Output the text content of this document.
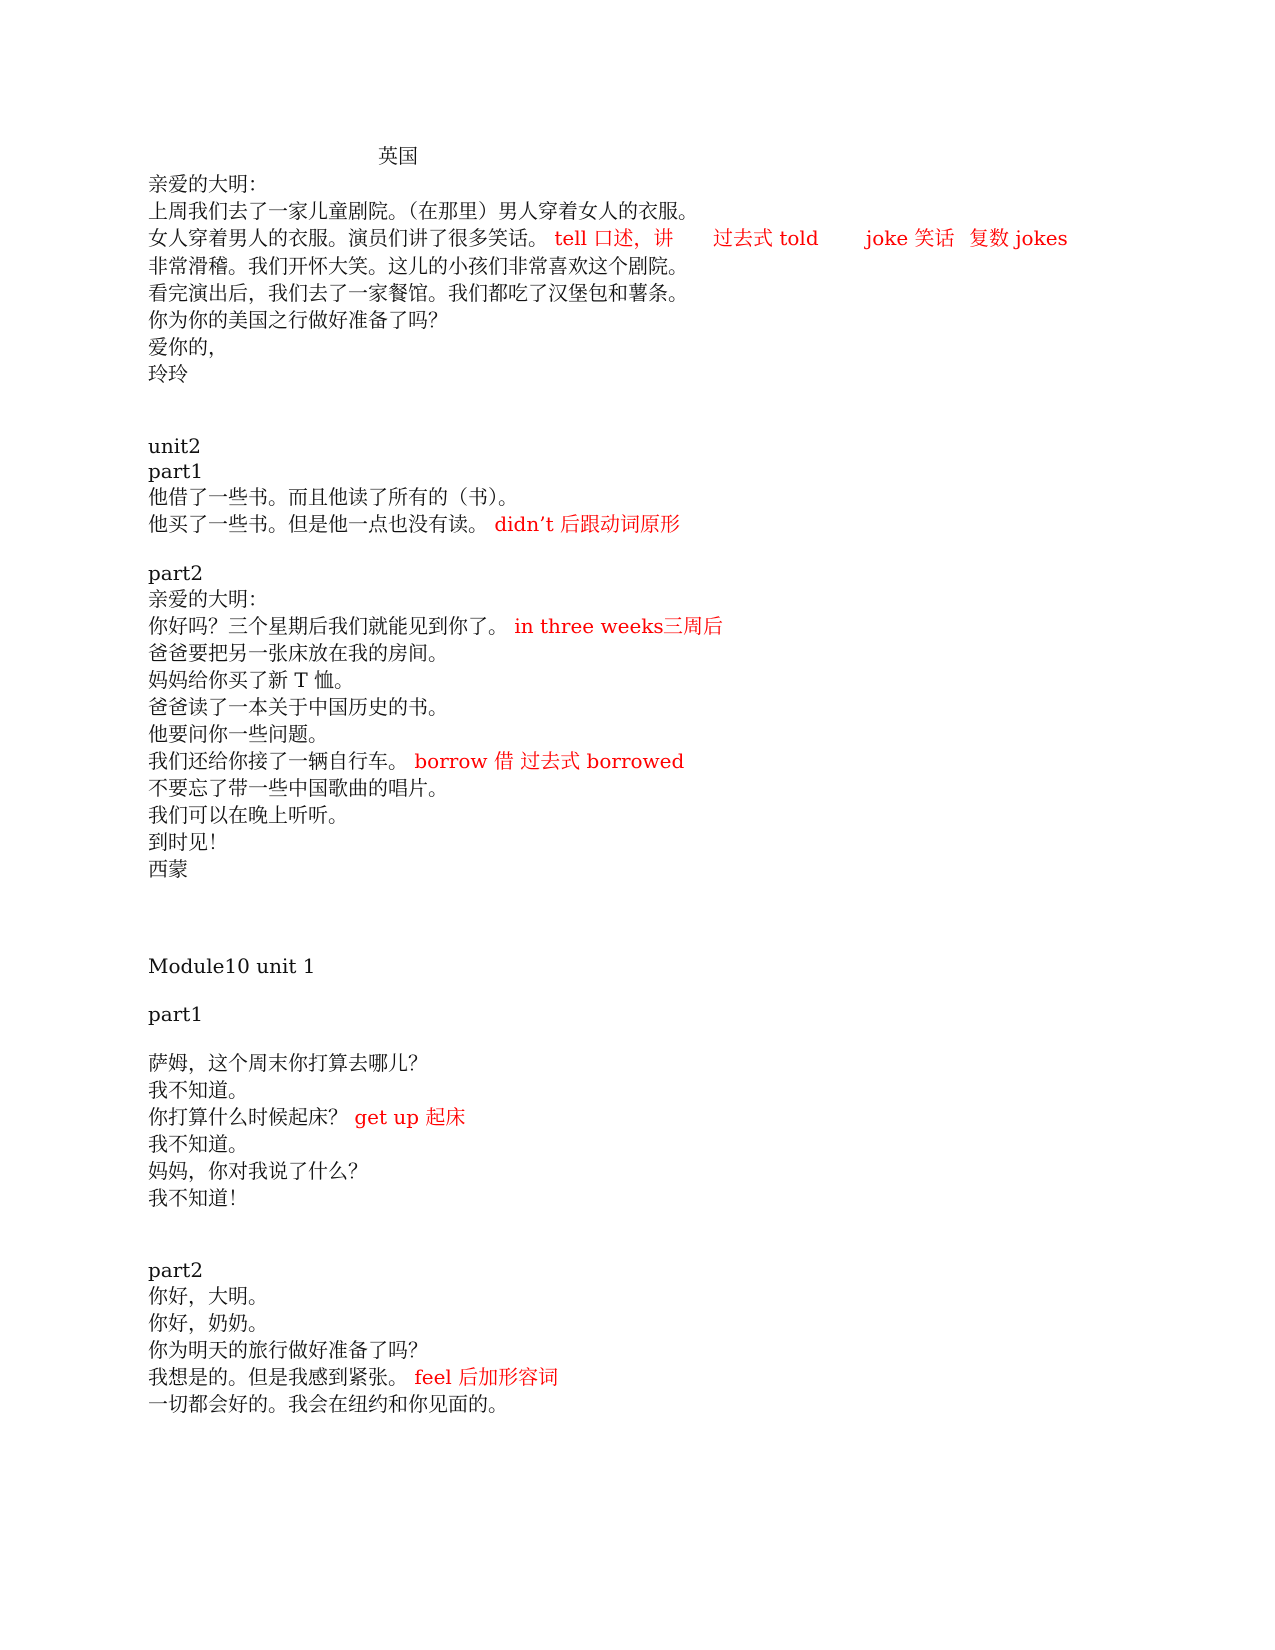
英国
亲爱的大明：
上周我们去了一家儿童剧院。（在那里）男人穿着女人的衣服。
女人穿着男人的衣服。演员们讲了很多笑话。 tell 口述，讲 过去式 told joke 笑话 复数 jokes
非常滑稽。我们开怀大笑。这儿的小孩们非常喜欢这个剧院。
看完演出后，我们去了一家餐馆。我们都吃了汉堡包和薯条。
你为你的美国之行做好准备了吗？
爱你的，
玲玲
unit2
part1
他借了一些书。而且他读了所有的（书）。
他买了一些书。但是他一点也没有读。 didn’t 后跟动词原形
part2
亲爱的大明：
你好吗？三个星期后我们就能见到你了。 in three weeks 三周后
爸爸要把另一张床放在我的房间。
妈妈给你买了新 T 恤。
爸爸读了一本关于中国历史的书。
他要问你一些问题。
我们还给你接了一辆自行车。 borrow 借 过去式 borrowed
不要忘了带一些中国歌曲的唱片。
我们可以在晚上听听。
到时见！
西蒙
Module10 unit 1
part1
萨姆，这个周末你打算去哪儿？
我不知道。
你打算什么时候起床？ get up 起床
我不知道。
妈妈，你对我说了什么？
我不知道！
part2
你好，大明。
你好，奶奶。
你为明天的旅行做好准备了吗？
我想是的。但是我感到紧张。 feel 后加形容词
一切都会好的。我会在纽约和你见面的。
